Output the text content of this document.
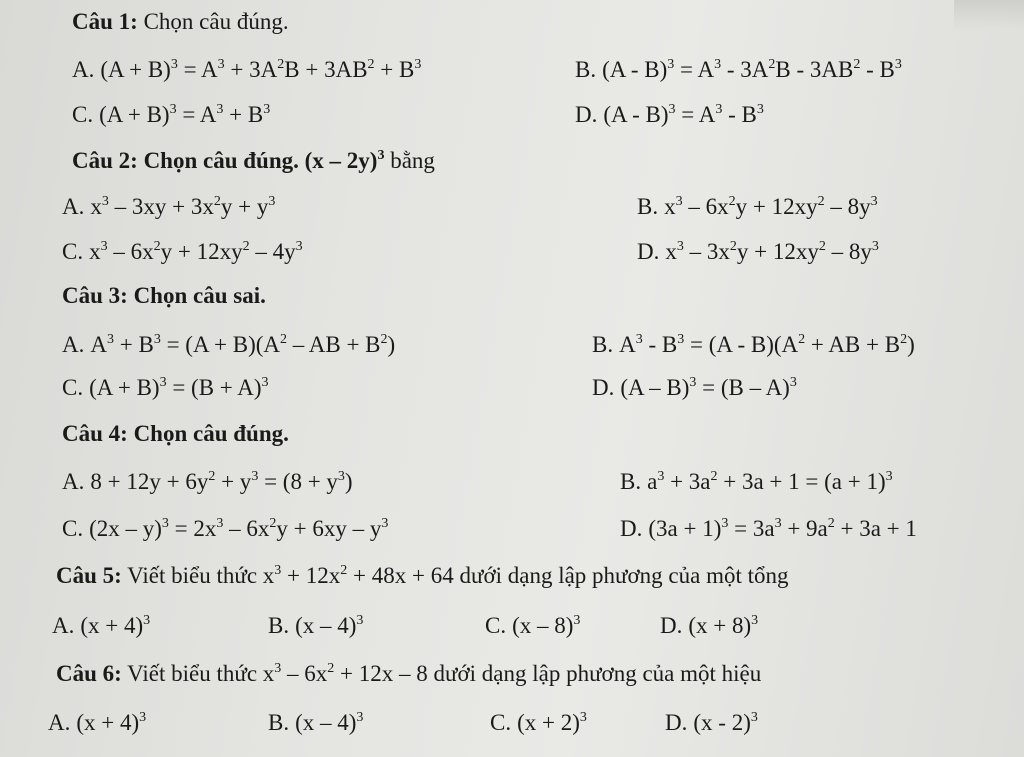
Câu 1: Chọn câu đúng.
A. $(A + B)^3 = A^3 + 3A^2B + 3AB^2 + B^3$	B. $(A - B)^3 = A^3 - 3A^2B - 3AB^2 - B^3$
C. $(A + B)^3 = A^3 + B^3$	D. $(A - B)^3 = A^3 - B^3$
Câu 2: Chọn câu đúng. (x – 2y)$^3$ bằng
A. $x^3 - 3xy + 3x^2y + y^3$	B. $x^3 - 6x^2y + 12xy^2 - 8y^3$
C. $x^3 - 6x^2y + 12xy^2 - 4y^3$	D. $x^3 - 3x^2y + 12xy^2 - 8y^3$
Câu 3: Chọn câu sai.
A. $A^3 + B^3 = (A + B)(A^2$ – AB + $B^2$)	B. $A^3 - B^3 = (A - B)(A^2$ + AB + $B^2$)
C. $(A + B)^3 = (B + A)^3$	D. (A – B)$^3$ = (B – A)$^3$
Câu 4: Chọn câu đúng.
A. $8 + 12y + 6y^2 + y^3 = (8 + y^3)$	B. $a^3 + 3a^2 + 3a + 1 = (a + 1)^3$
C. $(2x - y)^3 = 2x^3 - 6x^2y + 6xy - y^3$	D. $(3a + 1)^3 = 3a^3 + 9a^2 + 3a + 1$
Câu 5: Viết biểu thức $x^3 + 12x^2 + 48x + 64$ dưới dạng lập phương của một tổng
A. $(x + 4)^3$	B. (x – 4)$^3$	C. (x – 8)$^3$	D. $(x + 8)^3$
Câu 6: Viết biểu thức $x^3 - 6x^2 + 12x - 8$ dưới dạng lập phương của một hiệu
A. $(x + 4)^3$	B. (x – 4)$^3$	C. $(x + 2)^3$	D. (x - 2)$^3$
